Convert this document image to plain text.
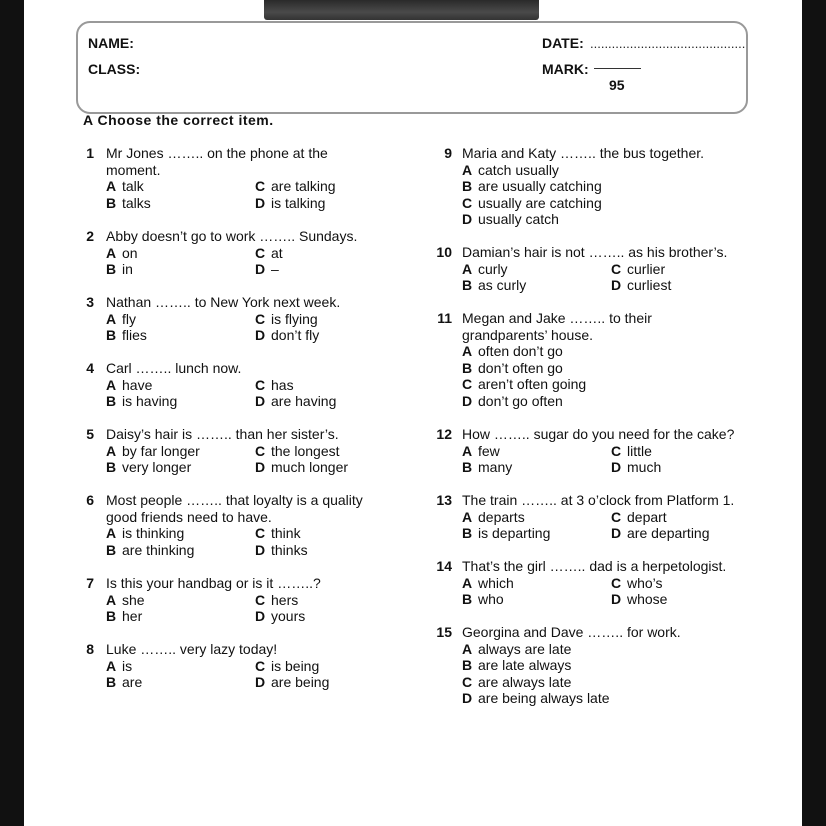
NAME:
CLASS:
DATE: ...........................................
MARK:
95
A Choose the correct item.
1 Mr Jones …….. on the phone at the
moment.
A talk
B talks
C are talking
D is talking
2 Abby doesn’t go to work …….. Sundays.
A on
B in
C at
D –
3 Nathan …….. to New York next week.
A fly
B flies
C is flying
D don’t fly
4 Carl …….. lunch now.
A have
B is having
C has
D are having
5 Daisy’s hair is …….. than her sister’s.
A by far longer
B very longer
C the longest
D much longer
6 Most people …….. that loyalty is a quality
good friends need to have.
A is thinking
B are thinking
C think
D thinks
7 Is this your handbag or is it ……..?
A she
B her
C hers
D yours
8 Luke …….. very lazy today!
A is
B are
C is being
D are being
9 Maria and Katy …….. the bus together.
A catch usually
B are usually catching
C usually are catching
D usually catch
10 Damian’s hair is not …….. as his brother’s.
A curly
B as curly
C curlier
D curliest
11 Megan and Jake …….. to their
grandparents’ house.
A often don’t go
B don’t often go
C aren’t often going
D don’t go often
12 How …….. sugar do you need for the cake?
A few
B many
C little
D much
13 The train …….. at 3 o’clock from Platform 1.
A departs
B is departing
C depart
D are departing
14 That’s the girl …….. dad is a herpetologist.
A which
B who
C who’s
D whose
15 Georgina and Dave …….. for work.
A always are late
B are late always
C are always late
D are being always late
